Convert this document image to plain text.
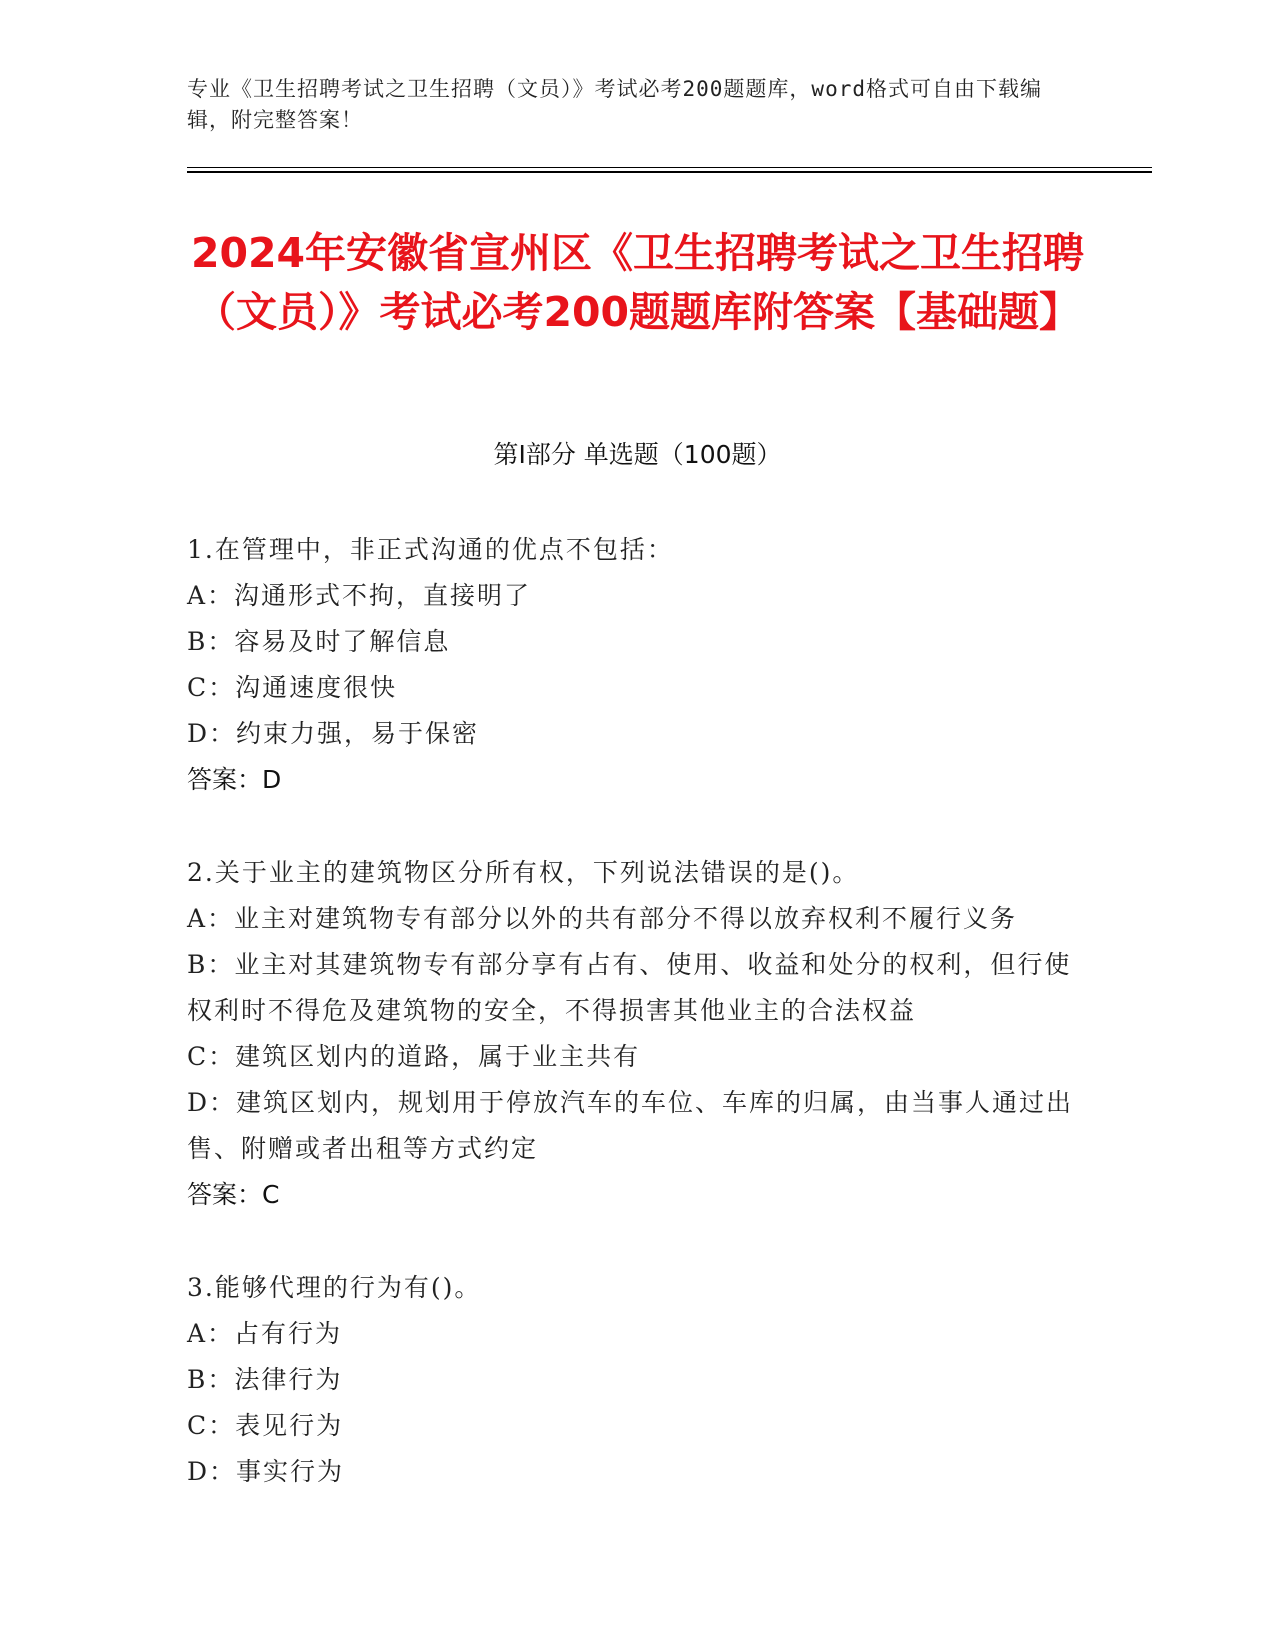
专业《卫生招聘考试之卫生招聘（文员）》考试必考200题题库，word格式可自由下载编辑，附完整答案！
2024年安徽省宣州区《卫生招聘考试之卫生招聘（文员）》考试必考200题题库附答案【基础题】
第Ⅰ部分 单选题（100题）
1.在管理中，非正式沟通的优点不包括：
A：沟通形式不拘，直接明了
B：容易及时了解信息
C：沟通速度很快
D：约束力强，易于保密
答案：D
2.关于业主的建筑物区分所有权，下列说法错误的是()。
A：业主对建筑物专有部分以外的共有部分不得以放弃权利不履行义务
B：业主对其建筑物专有部分享有占有、使用、收益和处分的权利，但行使权利时不得危及建筑物的安全，不得损害其他业主的合法权益
C：建筑区划内的道路，属于业主共有
D：建筑区划内，规划用于停放汽车的车位、车库的归属，由当事人通过出售、附赠或者出租等方式约定
答案：C
3.能够代理的行为有()。
A：占有行为
B：法律行为
C：表见行为
D：事实行为
